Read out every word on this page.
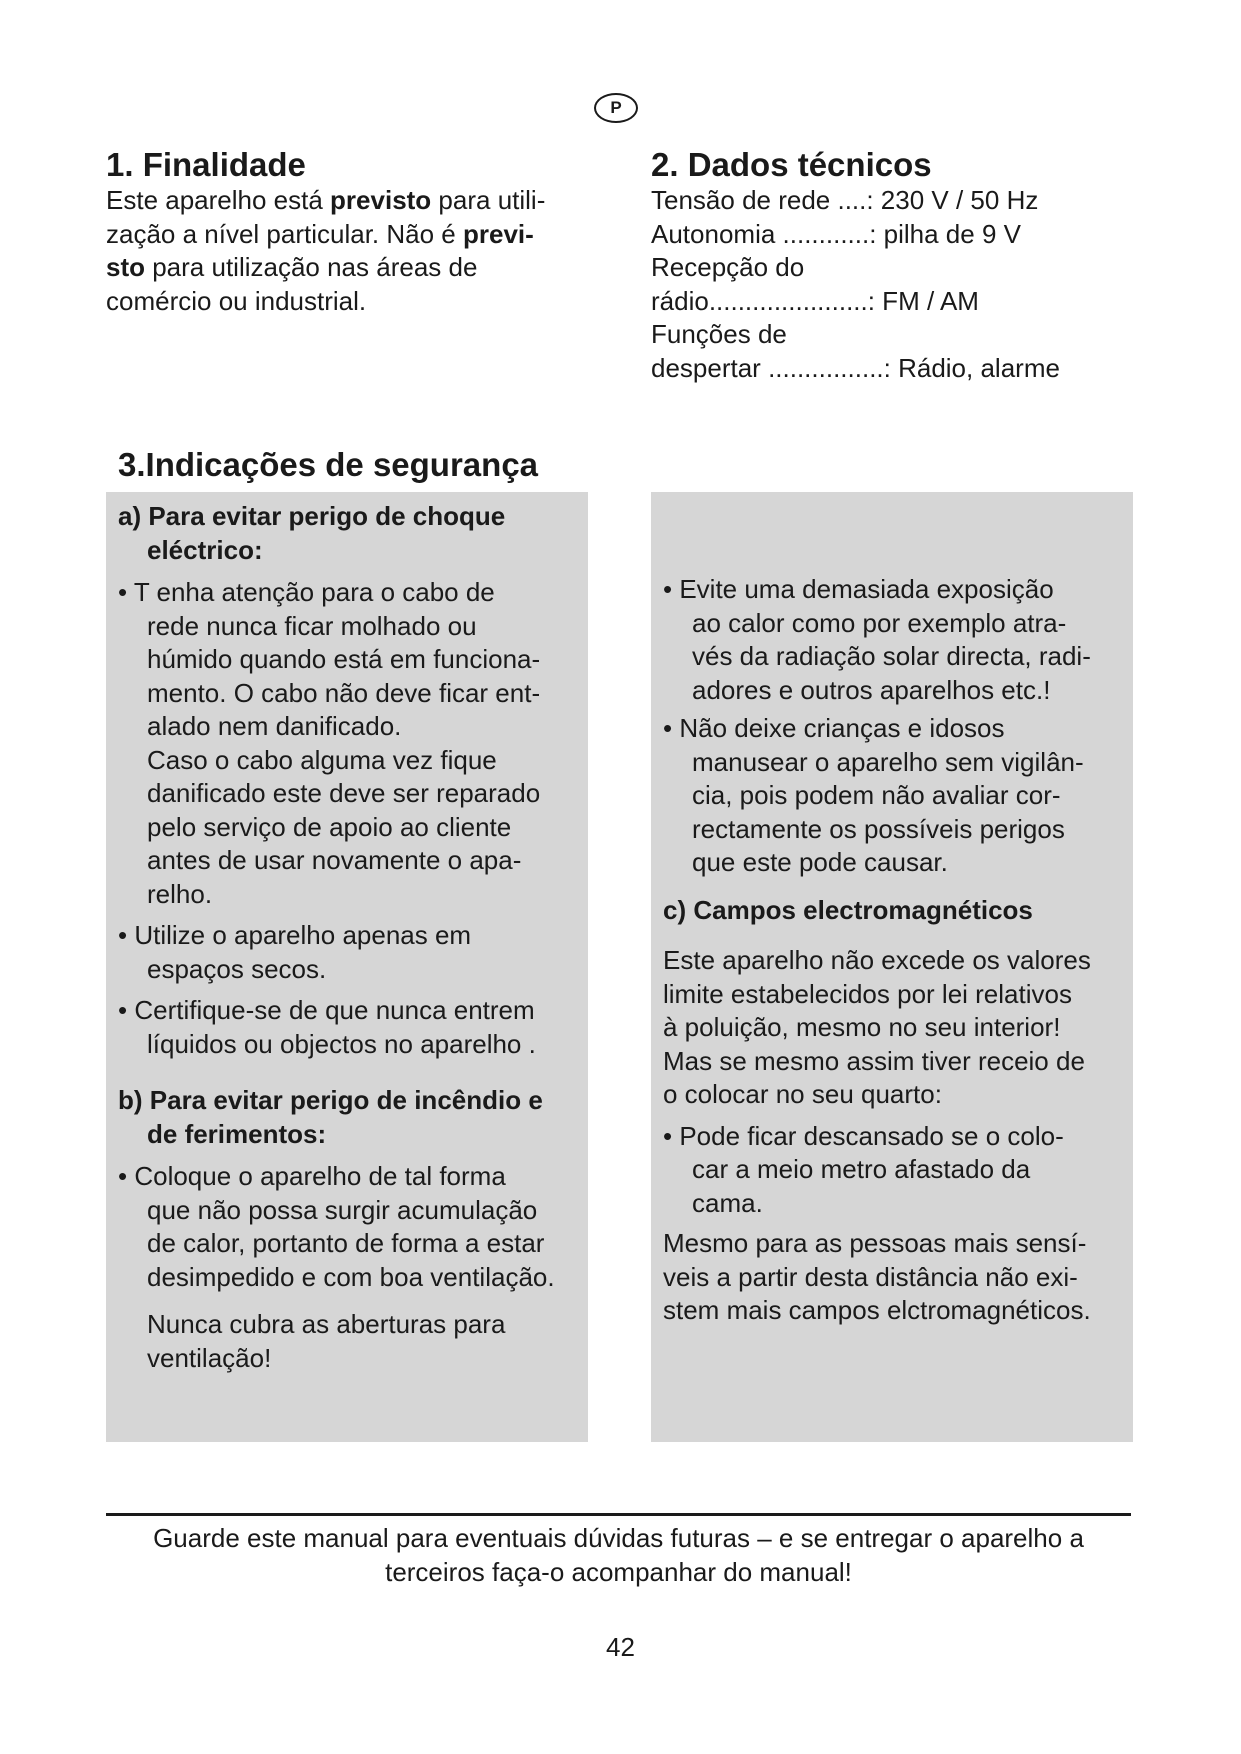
P
1. Finalidade
Este aparelho está previsto para utili-
zação a nível particular. Não é previ-
sto para utilização nas áreas de
comércio ou industrial.
2. Dados técnicos
Tensão de rede ....: 230 V / 50 Hz
Autonomia ............: pilha de 9 V
Recepção do
rádio......................: FM / AM
Funções de
despertar ................: Rádio, alarme
3.Indicações de segurança
a) Para evitar perigo de choque
eléctrico:
• T enha atenção para o cabo de
rede nunca ficar molhado ou
húmido quando está em funciona-
mento. O cabo não deve ficar ent-
alado nem danificado.
Caso o cabo alguma vez fique
danificado este deve ser reparado
pelo serviço de apoio ao cliente
antes de usar novamente o apa-
relho.
• Utilize o aparelho apenas em
espaços secos.
• Certifique-se de que nunca entrem
líquidos ou objectos no aparelho .
b) Para evitar perigo de incêndio e
de ferimentos:
• Coloque o aparelho de tal forma
que não possa surgir acumulação
de calor, portanto de forma a estar
desimpedido e com boa ventilação.
Nunca cubra as aberturas para
ventilação!
• Evite uma demasiada exposição
ao calor como por exemplo atra-
vés da radiação solar directa, radi-
adores e outros aparelhos etc.!
• Não deixe crianças e idosos
manusear o aparelho sem vigilân-
cia, pois podem não avaliar cor-
rectamente os possíveis perigos
que este pode causar.
c) Campos electromagnéticos
Este aparelho não excede os valores
limite estabelecidos por lei relativos
à poluição, mesmo no seu interior!
Mas se mesmo assim tiver receio de
o colocar no seu quarto:
• Pode ficar descansado se o colo-
car a meio metro afastado da
cama.
Mesmo para as pessoas mais sensí-
veis a partir desta distância não exi-
stem mais campos elctromagnéticos.
Guarde este manual para eventuais dúvidas futuras – e se entregar o aparelho a
terceiros faça-o acompanhar do manual!
42
